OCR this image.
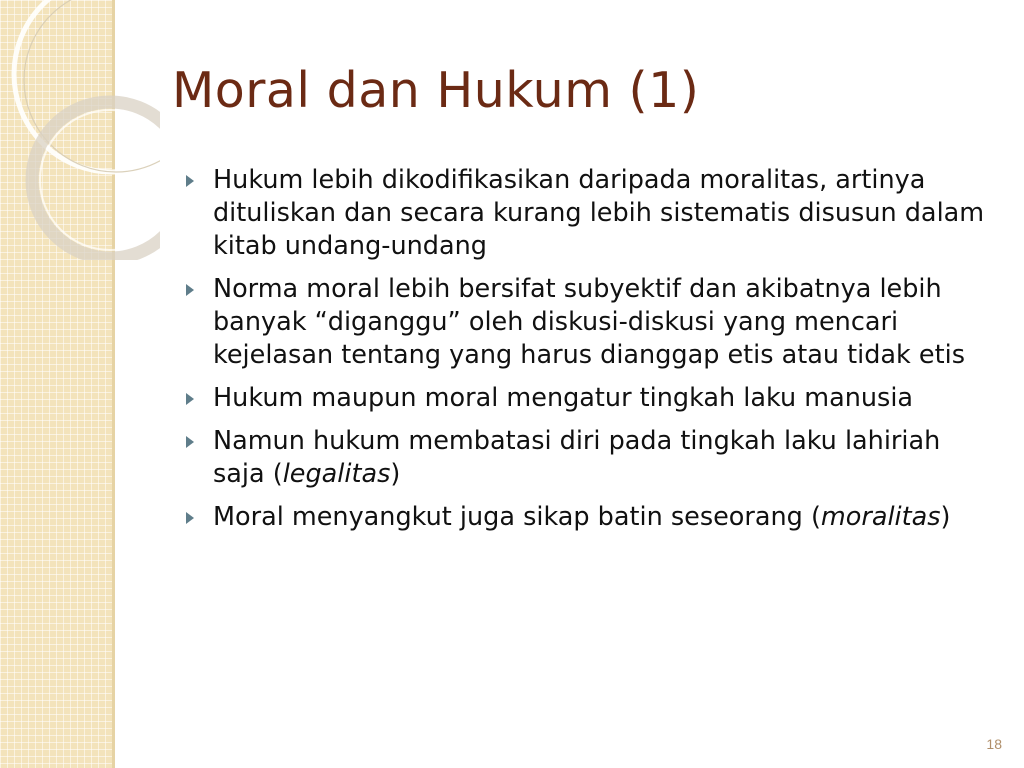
Moral dan Hukum (1)
Hukum lebih dikodifikasikan daripada moralitas, artinya dituliskan dan secara kurang lebih sistematis disusun dalam kitab undang-undang
Norma moral lebih bersifat subyektif dan akibatnya lebih banyak “diganggu” oleh diskusi-diskusi yang mencari kejelasan tentang yang harus dianggap etis atau tidak etis
Hukum maupun moral mengatur tingkah laku manusia
Namun hukum membatasi diri pada tingkah laku lahiriah saja (legalitas)
Moral menyangkut juga sikap batin seseorang (moralitas)
18
